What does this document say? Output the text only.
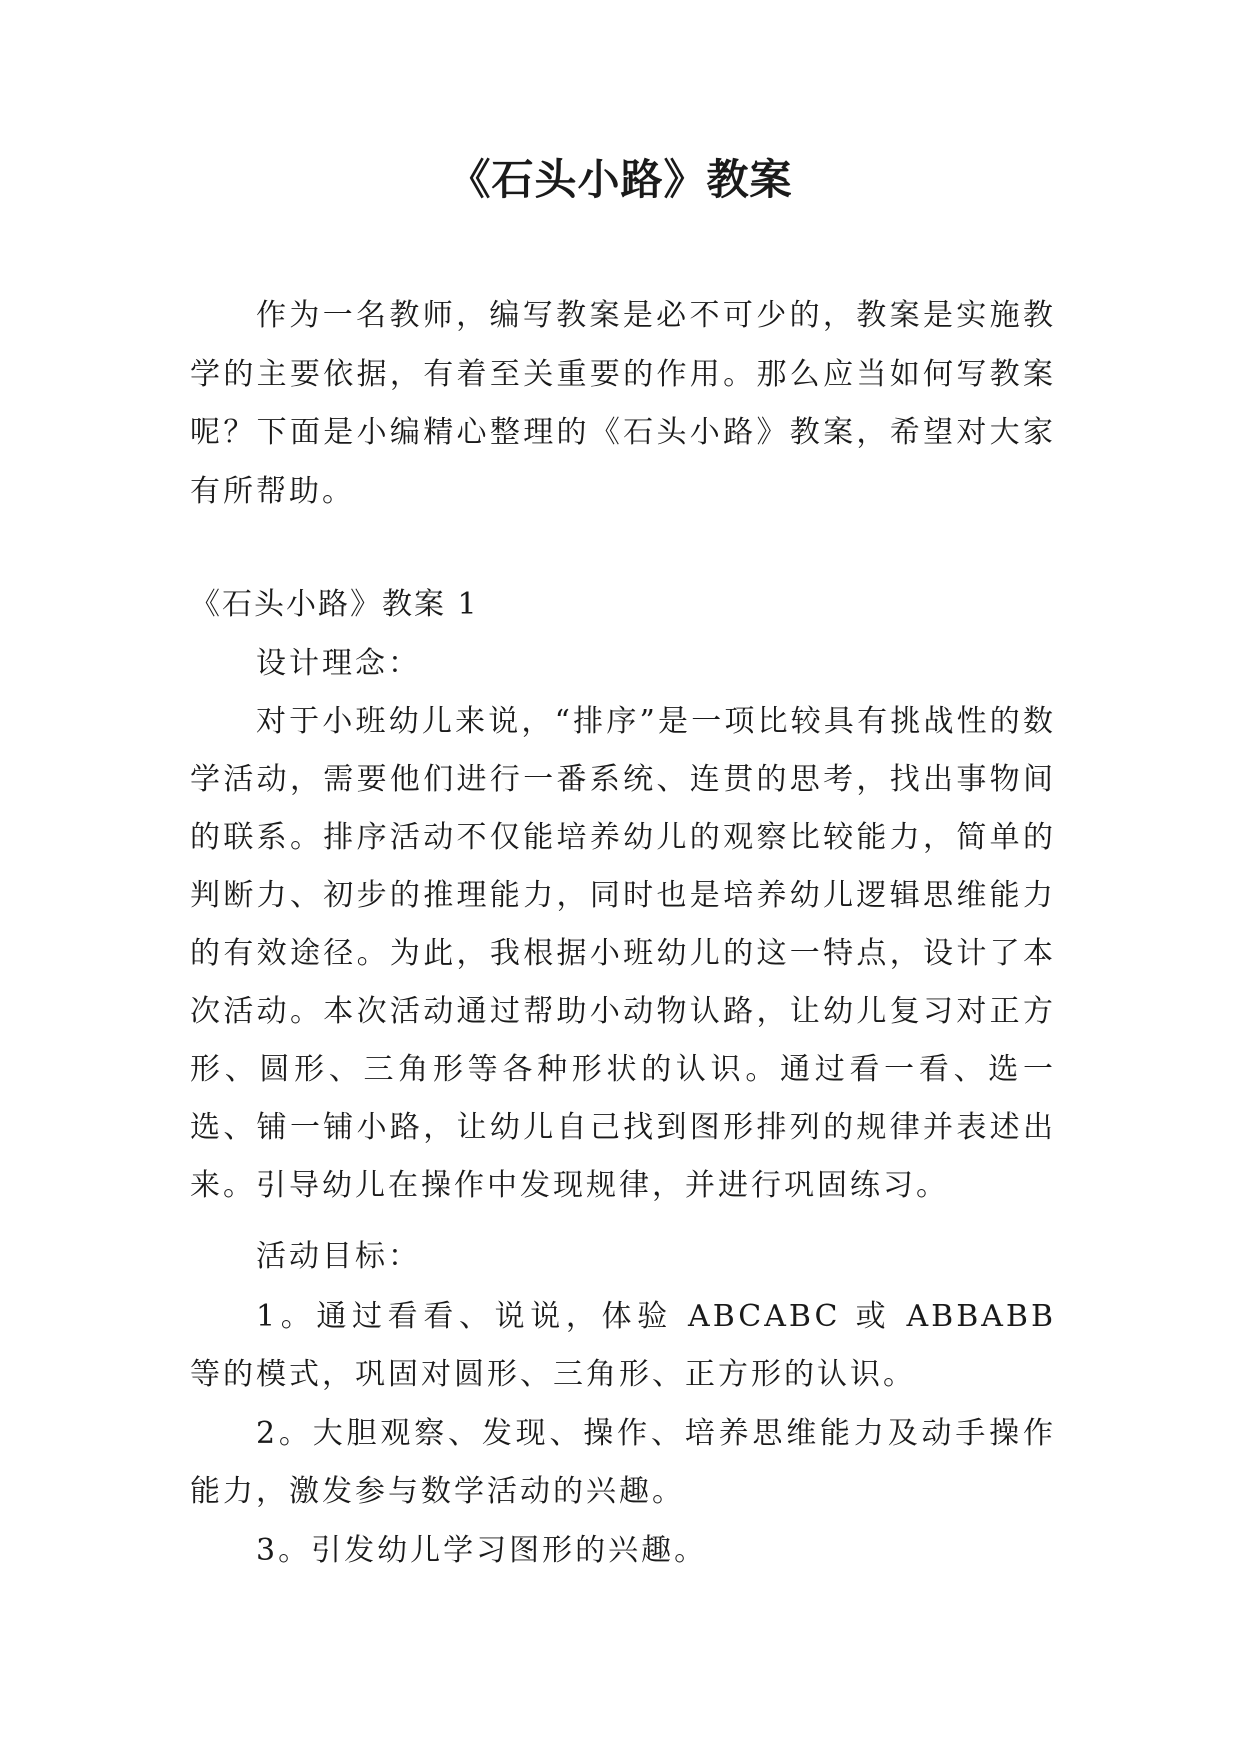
《石头小路》教案

作为一名教师，编写教案是必不可少的，教案是实施教学的主要依据，有着至关重要的作用。那么应当如何写教案呢？下面是小编精心整理的《石头小路》教案，希望对大家有所帮助。

《石头小路》教案 1

设计理念：

对于小班幼儿来说，“排序”是一项比较具有挑战性的数学活动，需要他们进行一番系统、连贯的思考，找出事物间的联系。排序活动不仅能培养幼儿的观察比较能力，简单的判断力、初步的推理能力，同时也是培养幼儿逻辑思维能力的有效途径。为此，我根据小班幼儿的这一特点，设计了本次活动。本次活动通过帮助小动物认路，让幼儿复习对正方形、圆形、三角形等各种形状的认识。通过看一看、选一选、铺一铺小路，让幼儿自己找到图形排列的规律并表述出来。引导幼儿在操作中发现规律，并进行巩固练习。

活动目标：

1。通过看看、说说，体验 ABCABC 或 ABBABB 等的模式，巩固对圆形、三角形、正方形的认识。

2。大胆观察、发现、操作、培养思维能力及动手操作能力，激发参与数学活动的兴趣。

3。引发幼儿学习图形的兴趣。
